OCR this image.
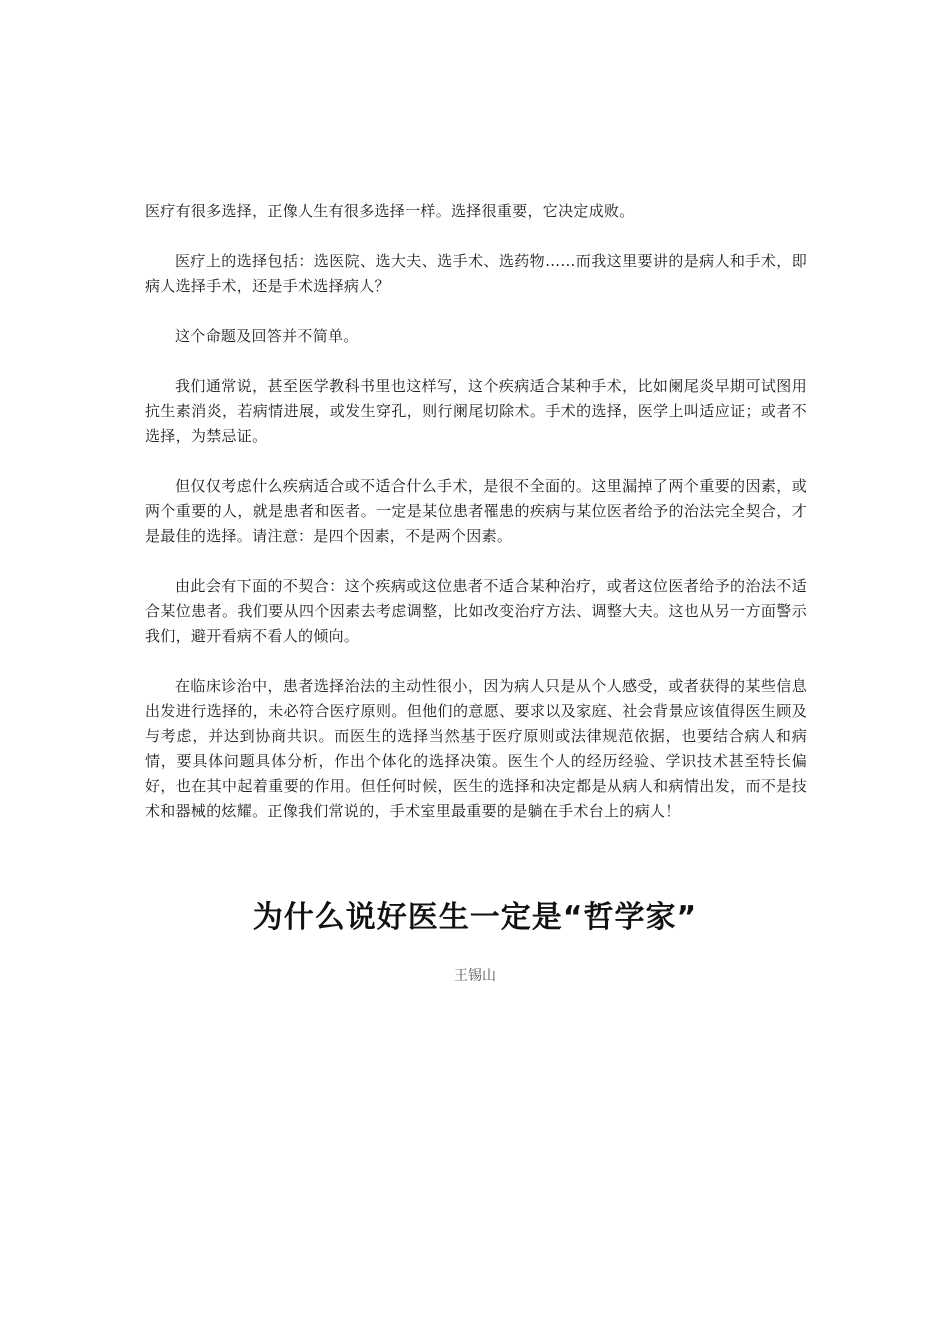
医疗有很多选择，正像人生有很多选择一样。选择很重要，它决定成败。

医疗上的选择包括：选医院、选大夫、选手术、选药物……而我这里要讲的是病人和手术，即病人选择手术，还是手术选择病人？

这个命题及回答并不简单。

我们通常说，甚至医学教科书里也这样写，这个疾病适合某种手术，比如阑尾炎早期可试图用抗生素消炎，若病情进展，或发生穿孔，则行阑尾切除术。手术的选择，医学上叫适应证；或者不选择，为禁忌证。

但仅仅考虑什么疾病适合或不适合什么手术，是很不全面的。这里漏掉了两个重要的因素，或两个重要的人，就是患者和医者。一定是某位患者罹患的疾病与某位医者给予的治法完全契合，才是最佳的选择。请注意：是四个因素，不是两个因素。

由此会有下面的不契合：这个疾病或这位患者不适合某种治疗，或者这位医者给予的治法不适合某位患者。我们要从四个因素去考虑调整，比如改变治疗方法、调整大夫。这也从另一方面警示我们，避开看病不看人的倾向。

在临床诊治中，患者选择治法的主动性很小，因为病人只是从个人感受，或者获得的某些信息出发进行选择的，未必符合医疗原则。但他们的意愿、要求以及家庭、社会背景应该值得医生顾及与考虑，并达到协商共识。而医生的选择当然基于医疗原则或法律规范依据，也要结合病人和病情，要具体问题具体分析，作出个体化的选择决策。医生个人的经历经验、学识技术甚至特长偏好，也在其中起着重要的作用。但任何时候，医生的选择和决定都是从病人和病情出发，而不是技术和器械的炫耀。正像我们常说的，手术室里最重要的是躺在手术台上的病人！

为什么说好医生一定是“哲学家”
王锡山
